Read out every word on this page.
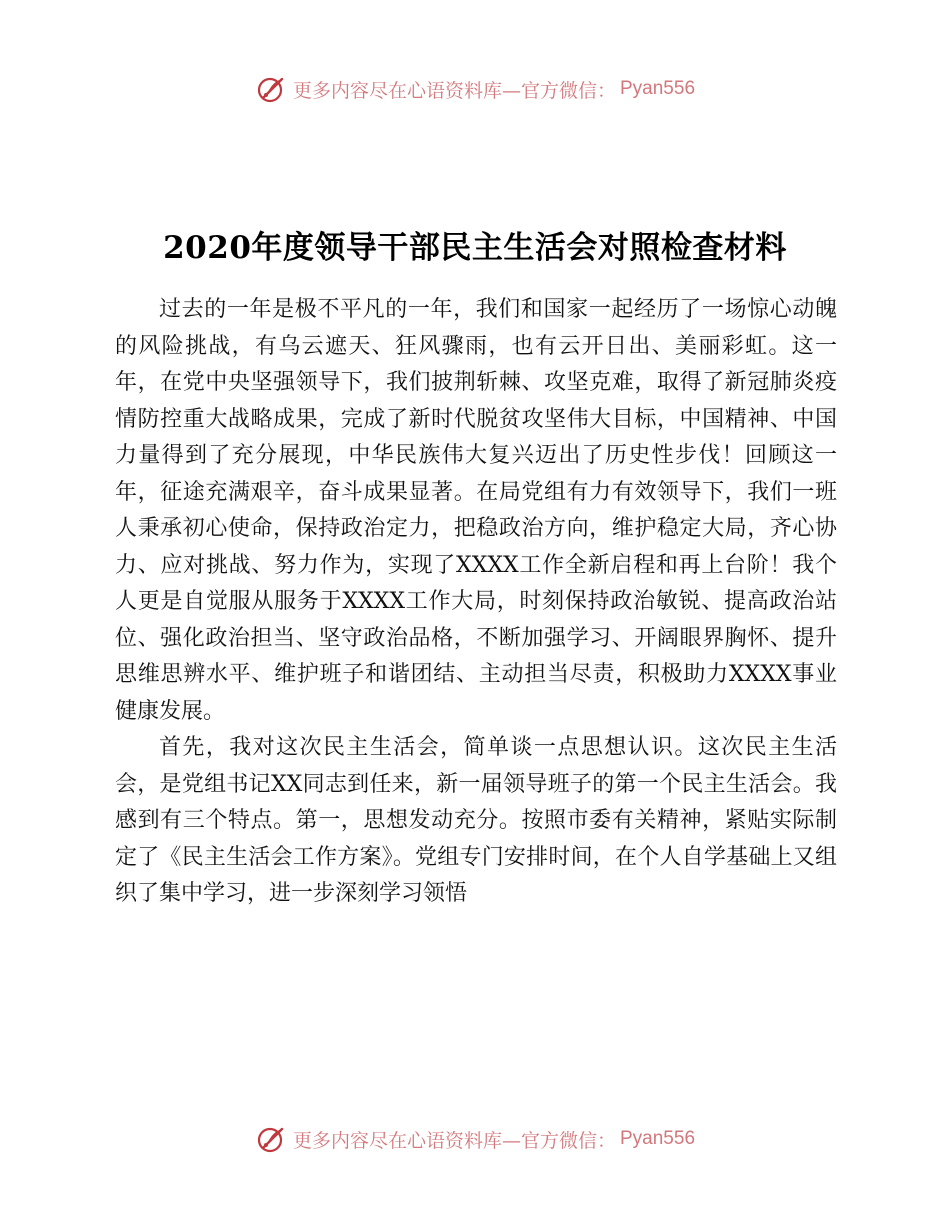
更多内容尽在心语资料库—官方微信： Pyan556
2020年度领导干部民主生活会对照检查材料

过去的一年是极不平凡的一年，我们和国家一起经历了一场惊心动魄的风险挑战，有乌云遮天、狂风骤雨，也有云开日出、美丽彩虹。这一年，在党中央坚强领导下，我们披荆斩棘、攻坚克难，取得了新冠肺炎疫情防控重大战略成果，完成了新时代脱贫攻坚伟大目标，中国精神、中国力量得到了充分展现，中华民族伟大复兴迈出了历史性步伐！回顾这一年，征途充满艰辛，奋斗成果显著。在局党组有力有效领导下，我们一班人秉承初心使命，保持政治定力，把稳政治方向，维护稳定大局，齐心协力、应对挑战、努力作为，实现了XXXX工作全新启程和再上台阶！我个人更是自觉服从服务于XXXX工作大局，时刻保持政治敏锐、提高政治站位、强化政治担当、坚守政治品格，不断加强学习、开阔眼界胸怀、提升思维思辨水平、维护班子和谐团结、主动担当尽责，积极助力XXXX事业健康发展。

首先，我对这次民主生活会，简单谈一点思想认识。这次民主生活会，是党组书记XX同志到任来，新一届领导班子的第一个民主生活会。我感到有三个特点。第一，思想发动充分。按照市委有关精神，紧贴实际制定了《民主生活会工作方案》。党组专门安排时间，在个人自学基础上又组织了集中学习，进一步深刻学习领悟

更多内容尽在心语资料库—官方微信： Pyan556
